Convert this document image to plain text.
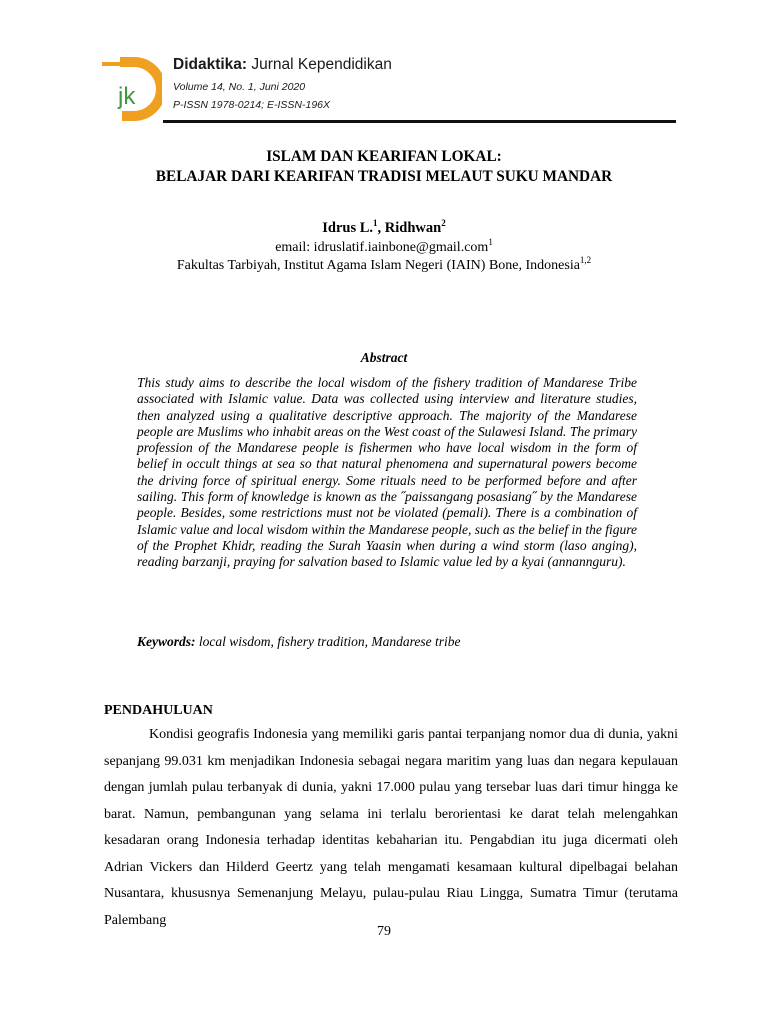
jk
Didaktika: Jurnal Kependidikan
Volume 14, No. 1, Juni 2020
P-ISSN 1978-0214; E-ISSN-196X
ISLAM DAN KEARIFAN LOKAL:
BELAJAR DARI KEARIFAN TRADISI MELAUT SUKU MANDAR
Idrus L.$^1$, Ridhwan$^2$
email: idruslatif.iainbone@gmail.com$^1$
Fakultas Tarbiyah, Institut Agama Islam Negeri (IAIN) Bone, Indonesia$^{1,2}$
Abstract
This study aims to describe the local wisdom of the fishery tradition of Mandarese Tribe associated with Islamic value. Data was collected using interview and literature studies, then analyzed using a qualitative descriptive approach. The majority of the Mandarese people are Muslims who inhabit areas on the West coast of the Sulawesi Island. The primary profession of the Mandarese people is fishermen who have local wisdom in the form of belief in occult things at sea so that natural phenomena and supernatural powers become the driving force of spiritual energy. Some rituals need to be performed before and after sailing. This form of knowledge is known as the ˝paissangang posasiang˝ by the Mandarese people. Besides, some restrictions must not be violated (pemali). There is a combination of Islamic value and local wisdom within the Mandarese people, such as the belief in the figure of the Prophet Khidr, reading the Surah Yaasin when during a wind storm (laso anging), reading barzanji, praying for salvation based to Islamic value led by a kyai (annannguru).
Keywords: local wisdom, fishery tradition, Mandarese tribe
PENDAHULUAN

Kondisi geografis Indonesia yang memiliki garis pantai terpanjang nomor dua di dunia, yakni sepanjang 99.031 km menjadikan Indonesia sebagai negara maritim yang luas dan negara kepulauan dengan jumlah pulau terbanyak di dunia, yakni 17.000 pulau yang tersebar luas dari timur hingga ke barat. Namun, pembangunan yang selama ini terlalu berorientasi ke darat telah melengahkan kesadaran orang Indonesia terhadap identitas kebaharian itu. Pengabdian itu juga dicermati oleh Adrian Vickers dan Hilderd Geertz yang telah mengamati kesamaan kultural dipelbagai belahan Nusantara, khususnya Semenanjung Melayu, pulau-pulau Riau Lingga, Sumatra Timur (terutama Palembang

79
